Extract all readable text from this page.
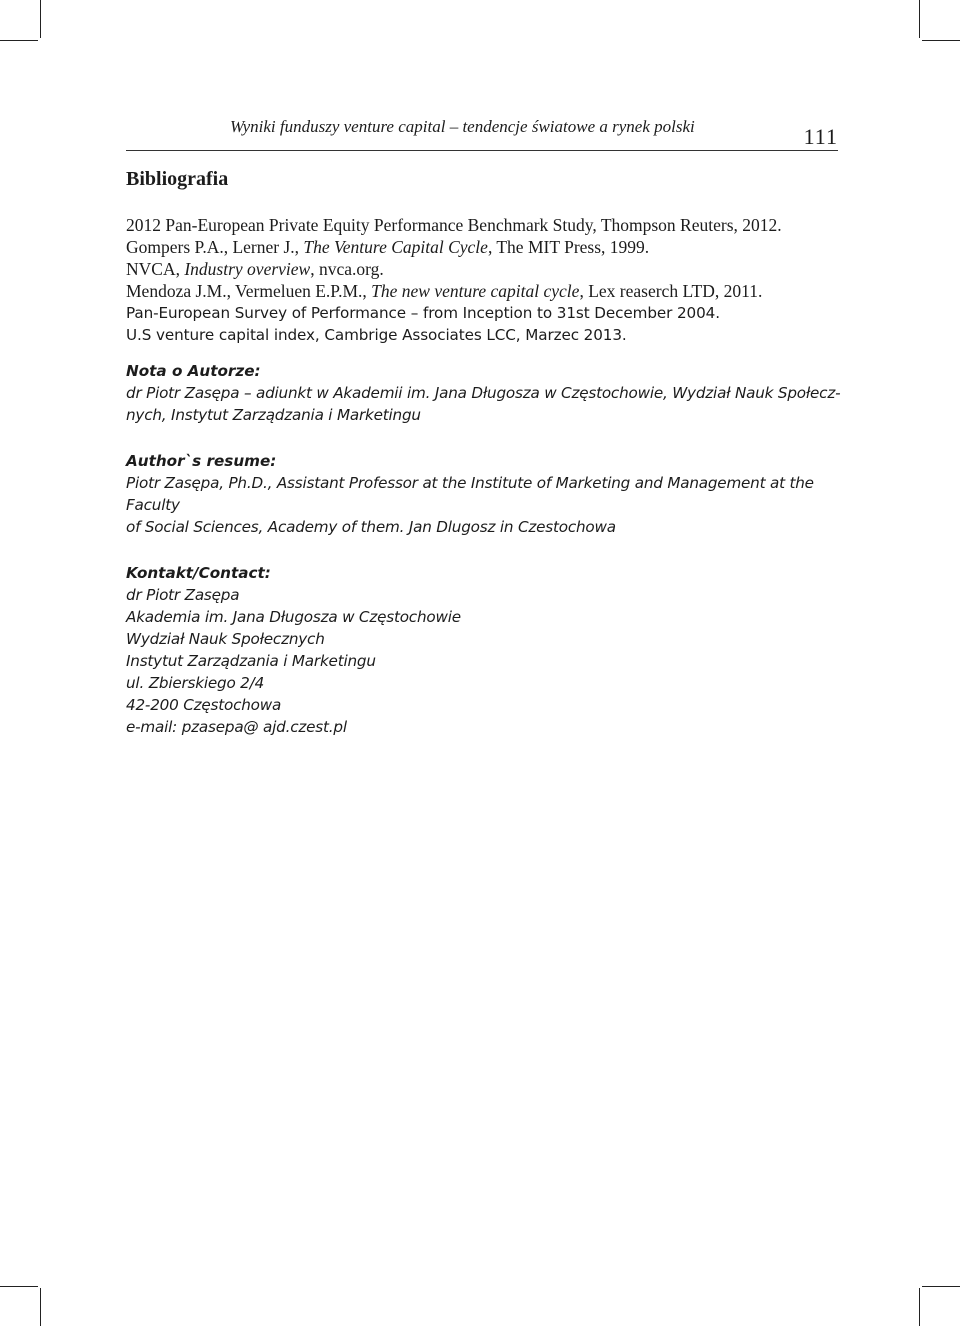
Wyniki funduszy venture capital – tendencje światowe a rynek polski	111
Bibliografia
2012 Pan-European Private Equity Performance Benchmark Study, Thompson Reuters, 2012.
Gompers P.A., Lerner J., The Venture Capital Cycle, The MIT Press, 1999.
NVCA, Industry overview, nvca.org.
Mendoza J.M., Vermeluen E.P.M., The new venture capital cycle, Lex reaserch LTD, 2011.
Pan-European Survey of Performance – from Inception to 31st December 2004.
U.S venture capital index, Cambrige Associates LCC, Marzec 2013.
Nota o Autorze:
dr Piotr Zasępa – adiunkt w Akademii im. Jana Długosza w Częstochowie, Wydział Nauk Społecz-
nych, Instytut Zarządzania i Marketingu
Author`s resume:
Piotr Zasępa, Ph.D., Assistant Professor at the Institute of Marketing and Management at the Faculty
of Social Sciences, Academy of them. Jan Dlugosz in Czestochowa
Kontakt/Contact:
dr Piotr Zasępa
Akademia im. Jana Długosza w Częstochowie
Wydział Nauk Społecznych
Instytut Zarządzania i Marketingu
ul. Zbierskiego 2/4
42-200 Częstochowa
e-mail: pzasepa@ ajd.czest.pl
